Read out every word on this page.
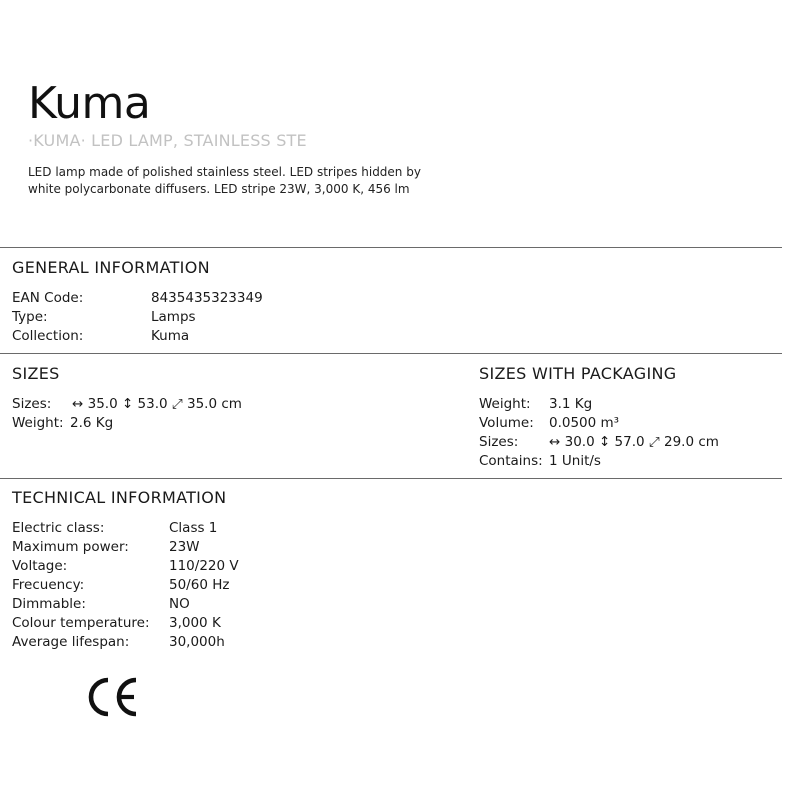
Kuma
·KUMA· LED LAMP, STAINLESS STE
LED lamp made of polished stainless steel. LED stripes hidden by white polycarbonate diffusers. LED stripe 23W, 3,000 K, 456 lm
GENERAL INFORMATION
EAN Code:	8435435323349
Type:	Lamps
Collection:	Kuma
SIZES
Sizes: ↔ 35.0 ↕ 53.0 ⤢ 35.0 cm
Weight: 2.6 Kg
SIZES WITH PACKAGING
Weight: 3.1 Kg
Volume: 0.0500 m³
Sizes: ↔ 30.0 ↕ 57.0 ⤢ 29.0 cm
Contains: 1 Unit/s
TECHNICAL INFORMATION
Electric class:	Class 1
Maximum power:	23W
Voltage:	110/220 V
Frecuency:	50/60 Hz
Dimmable:	NO
Colour temperature: 3,000 K
Average lifespan:	30,000h
